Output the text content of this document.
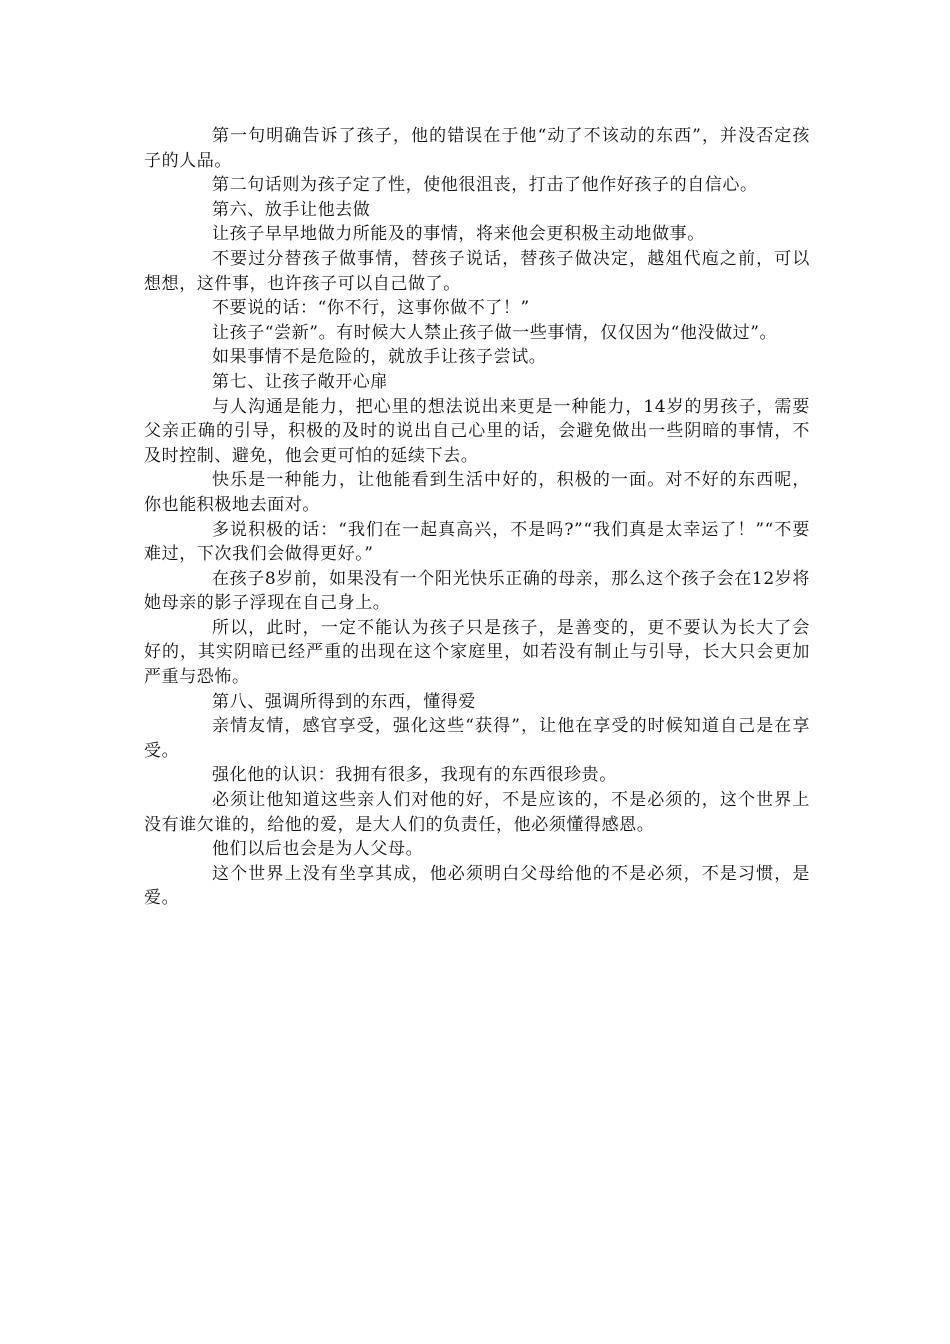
第一句明确告诉了孩子，他的错误在于他“动了不该动的东西”，并没否定孩子的人品。

第二句话则为孩子定了性，使他很沮丧，打击了他作好孩子的自信心。

第六、放手让他去做

让孩子早早地做力所能及的事情，将来他会更积极主动地做事。

不要过分替孩子做事情，替孩子说话，替孩子做决定，越俎代庖之前，可以想想，这件事，也许孩子可以自己做了。

不要说的话：“你不行，这事你做不了！”

让孩子“尝新”。有时候大人禁止孩子做一些事情，仅仅因为“他没做过”。

如果事情不是危险的，就放手让孩子尝试。

第七、让孩子敞开心扉

与人沟通是能力，把心里的想法说出来更是一种能力，14岁的男孩子，需要父亲正确的引导，积极的及时的说出自己心里的话，会避免做出一些阴暗的事情，不及时控制、避免，他会更可怕的延续下去。

快乐是一种能力，让他能看到生活中好的，积极的一面。对不好的东西呢，你也能积极地去面对。

多说积极的话：“我们在一起真高兴，不是吗?”“我们真是太幸运了！”“不要难过，下次我们会做得更好。”

在孩子8岁前，如果没有一个阳光快乐正确的母亲，那么这个孩子会在12岁将她母亲的影子浮现在自己身上。

所以，此时，一定不能认为孩子只是孩子，是善变的，更不要认为长大了会好的，其实阴暗已经严重的出现在这个家庭里，如若没有制止与引导，长大只会更加严重与恐怖。

第八、强调所得到的东西，懂得爱

亲情友情，感官享受，强化这些“获得”，让他在享受的时候知道自己是在享受。

强化他的认识：我拥有很多，我现有的东西很珍贵。

必须让他知道这些亲人们对他的好，不是应该的，不是必须的，这个世界上没有谁欠谁的，给他的爱，是大人们的负责任，他必须懂得感恩。

他们以后也会是为人父母。

这个世界上没有坐享其成，他必须明白父母给他的不是必须，不是习惯，是爱。
